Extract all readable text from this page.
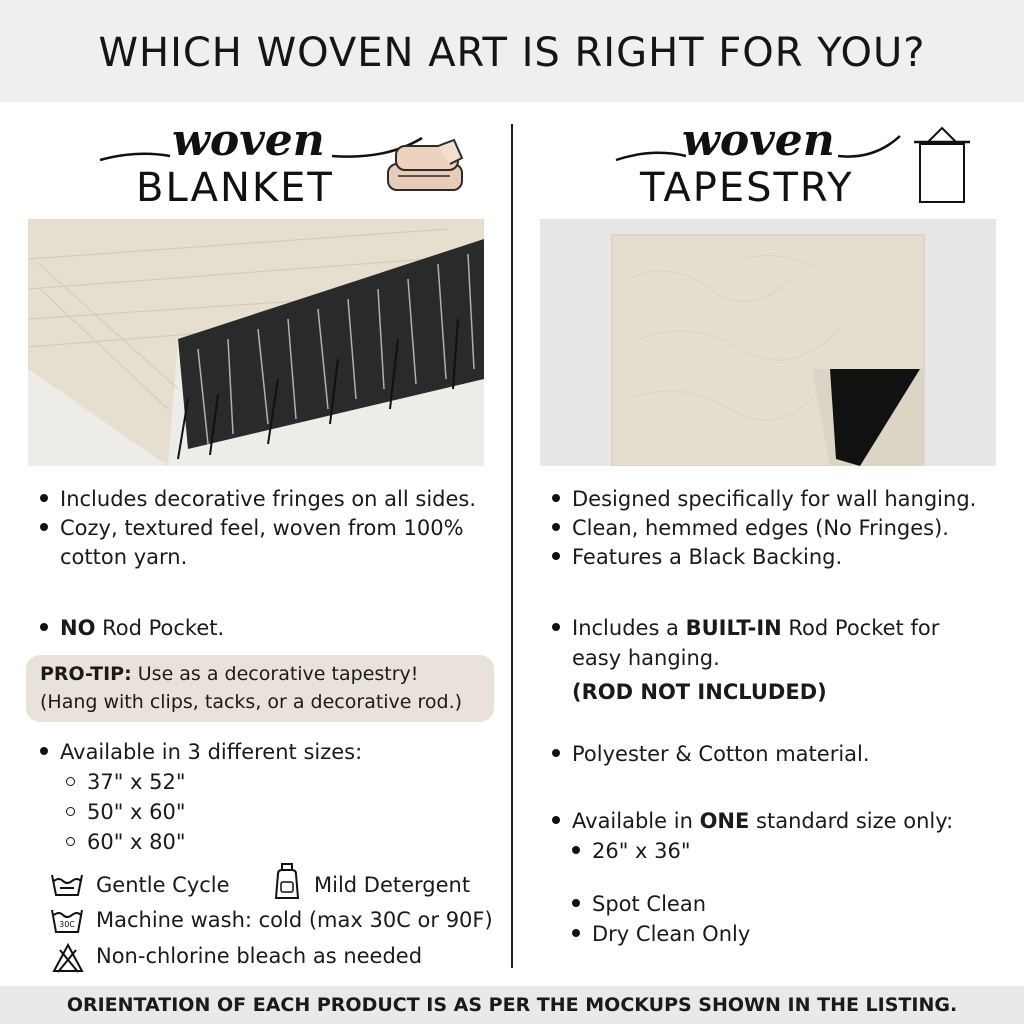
WHICH WOVEN ART IS RIGHT FOR YOU?
woven
BLANKET
Includes decorative fringes on all sides.
Cozy, textured feel, woven from 100%
cotton yarn.
NO Rod Pocket.
PRO-TIP: Use as a decorative tapestry!
(Hang with clips, tacks, or a decorative rod.)
Available in 3 different sizes:
37" x 52"
50" x 60"
60" x 80"
Gentle Cycle	Mild Detergent
30C Machine wash: cold (max 30C or 90F)
Non-chlorine bleach as needed
woven
TAPESTRY
Designed specifically for wall hanging.
Clean, hemmed edges (No Fringes).
Features a Black Backing.
Includes a BUILT-IN Rod Pocket for
easy hanging.
(ROD NOT INCLUDED)
Polyester & Cotton material.
Available in ONE standard size only:
26" x 36"
Spot Clean
Dry Clean Only
ORIENTATION OF EACH PRODUCT IS AS PER THE MOCKUPS SHOWN IN THE LISTING.
